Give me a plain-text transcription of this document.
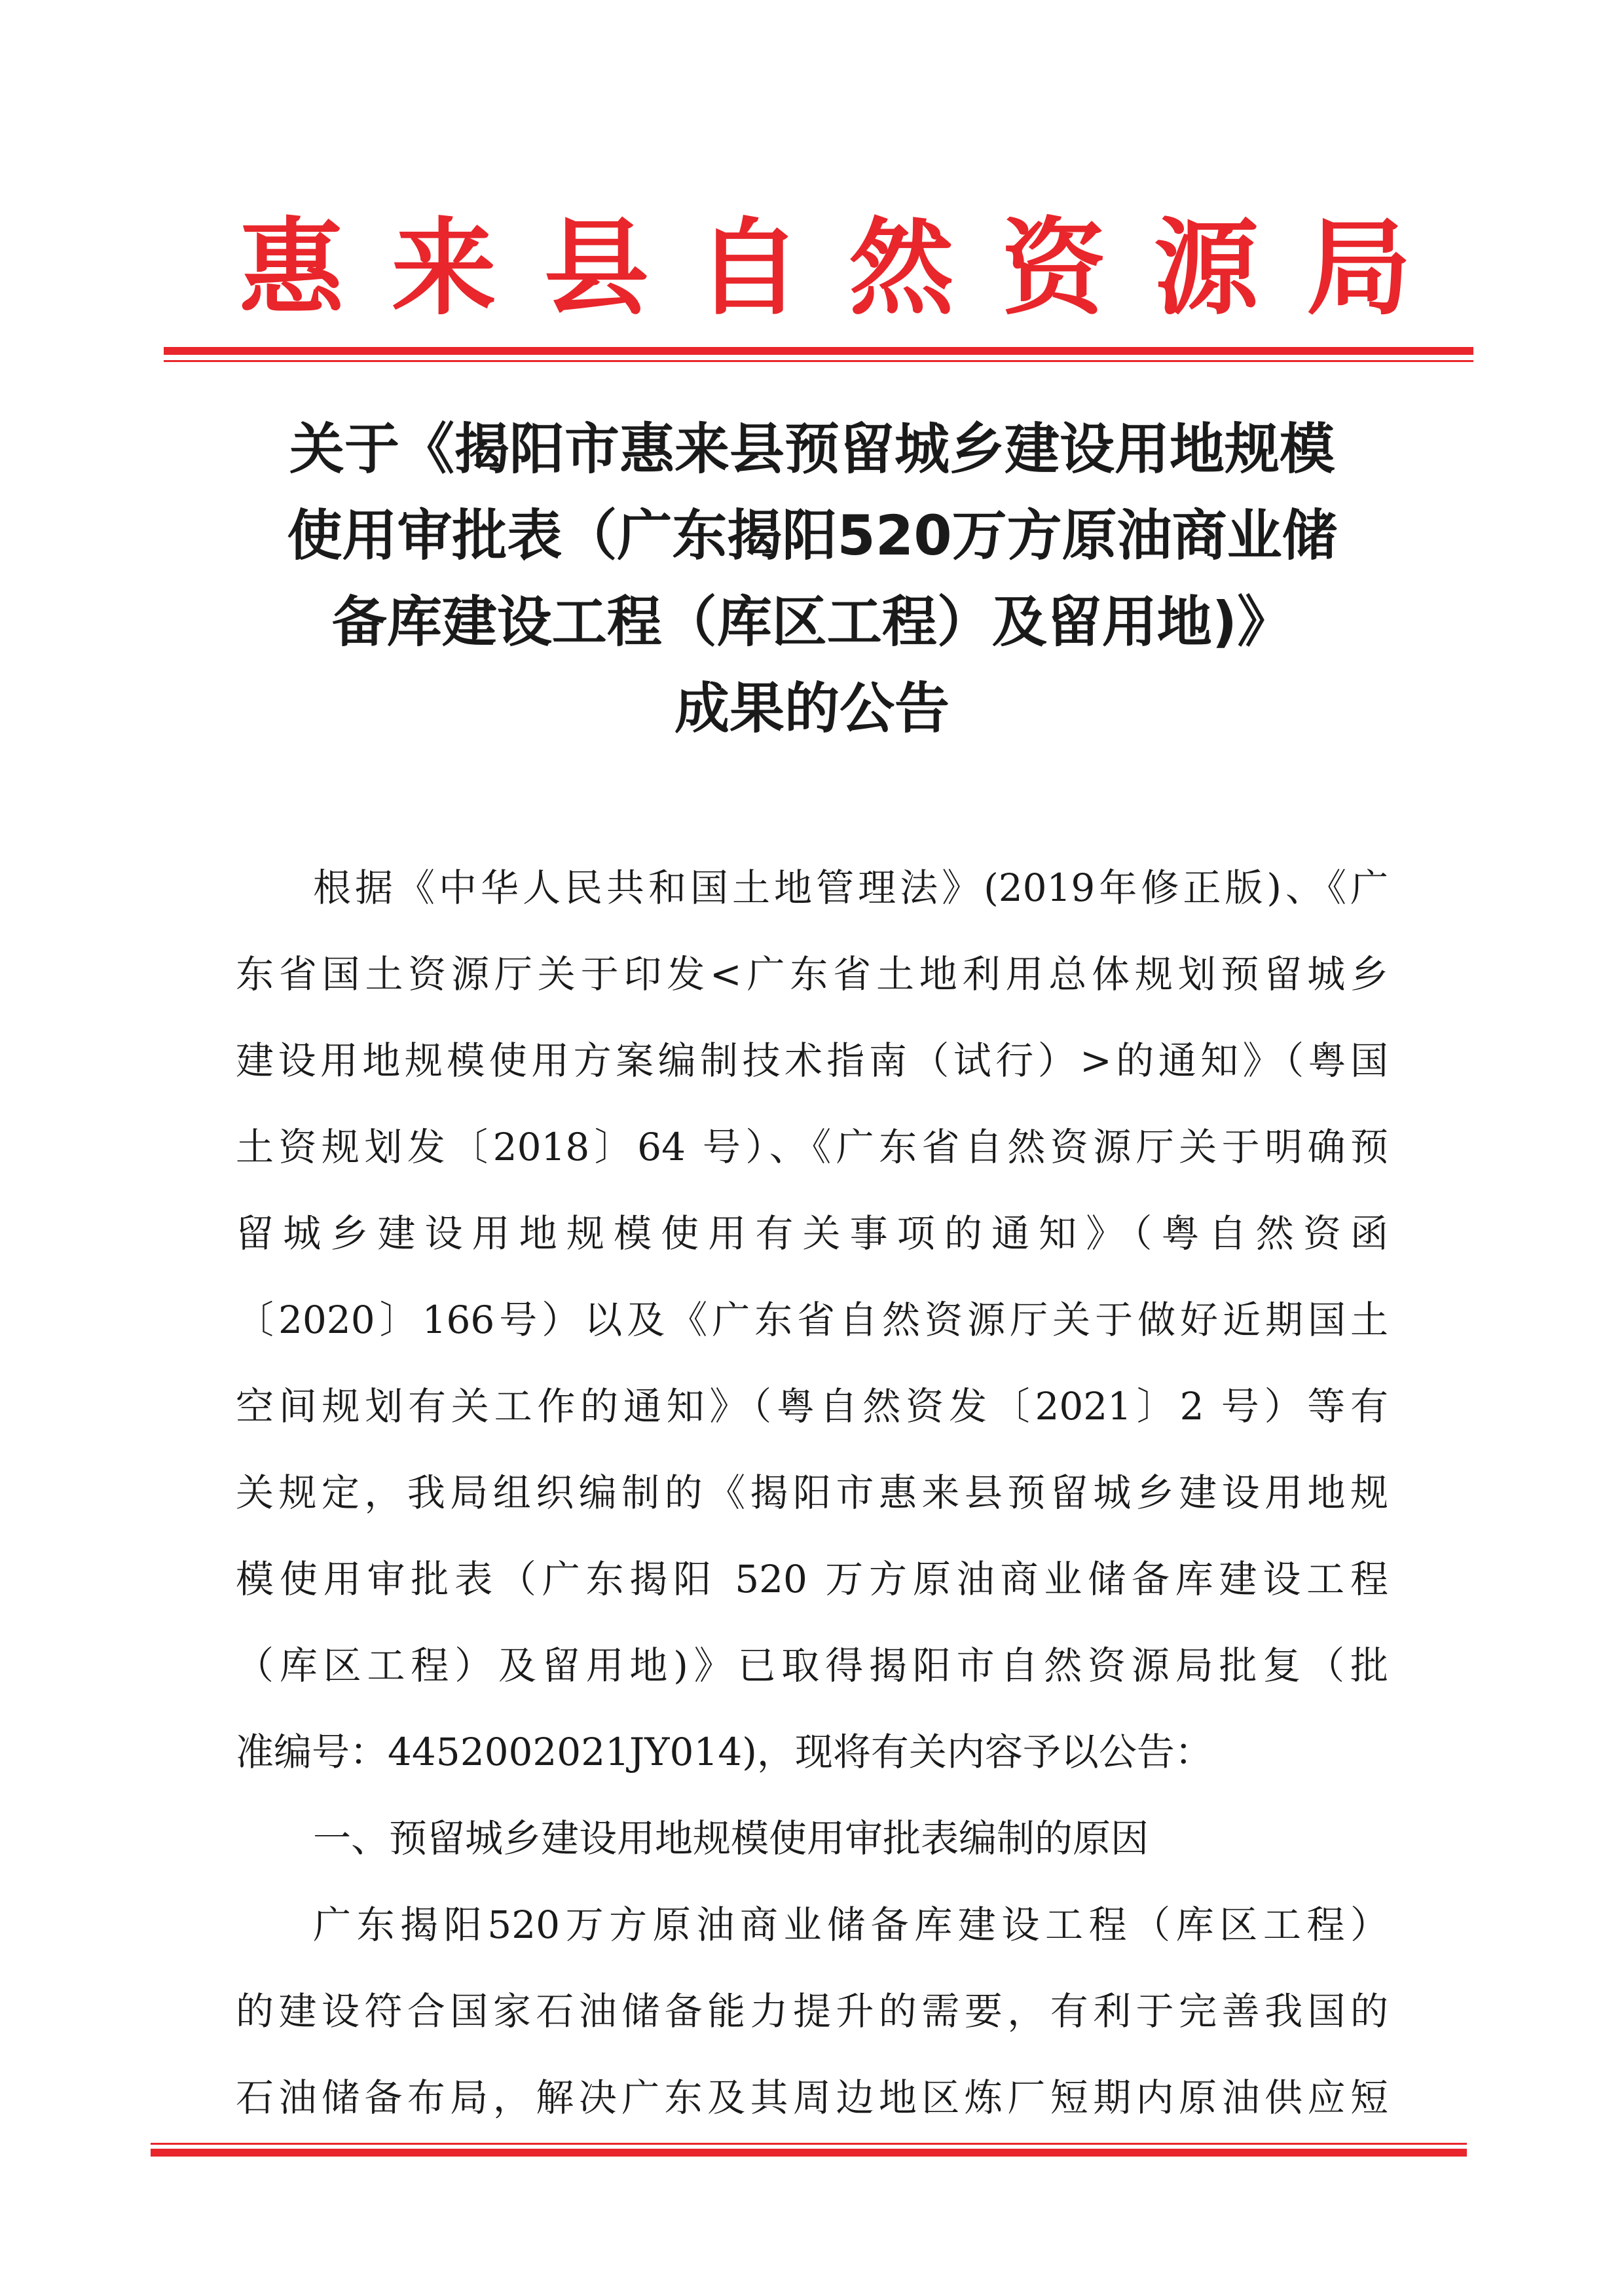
惠 来 县 自 然 资 源 局
关于《揭阳市惠来县预留城乡建设用地规模
使用审批表（广东揭阳520万方原油商业储
备库建设工程（库区工程）及留用地)》
成果的公告
根据《中华人民共和国土地管理法》(2019年修正版)、《广
东省国土资源厅关于印发<广东省土地利用总体规划预留城乡
建设用地规模使用方案编制技术指南（试行）>的通知》（粤国
土资规划发〔2018〕64 号）、《广东省自然资源厅关于明确预
留城乡建设用地规模使用有关事项的通知》（粤自然资函
〔2020〕166号）以及《广东省自然资源厅关于做好近期国土
空间规划有关工作的通知》（粤自然资发〔2021〕2 号）等有
关规定，我局组织编制的《揭阳市惠来县预留城乡建设用地规
模使用审批表（广东揭阳 520 万方原油商业储备库建设工程
（库区工程）及留用地)》已取得揭阳市自然资源局批复（批
准编号：4452002021JY014)，现将有关内容予以公告：
一、预留城乡建设用地规模使用审批表编制的原因
广东揭阳520万方原油商业储备库建设工程（库区工程）
的建设符合国家石油储备能力提升的需要，有利于完善我国的
石油储备布局，解决广东及其周边地区炼厂短期内原油供应短
